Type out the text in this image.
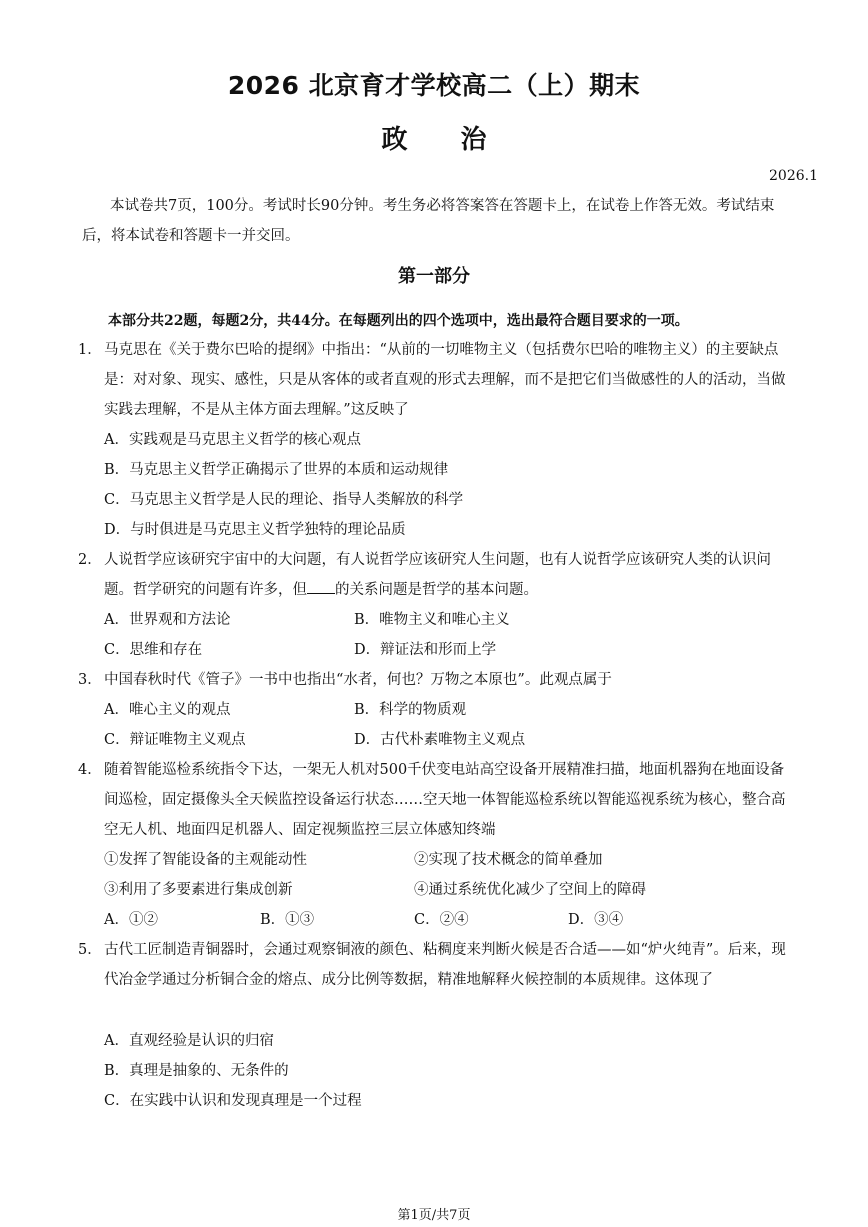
2026 北京育才学校高二（上）期末
政 治
2026.1
本试卷共7页，100分。考试时长90分钟。考生务必将答案答在答题卡上，在试卷上作答无效。考试结束后，将本试卷和答题卡一并交回。
第一部分
本部分共22题，每题2分，共44分。在每题列出的四个选项中，选出最符合题目要求的一项。
1． 马克思在《关于费尔巴哈的提纲》中指出：“从前的一切唯物主义（包括费尔巴哈的唯物主义）的主要缺点是：对对象、现实、感性，只是从客体的或者直观的形式去理解，而不是把它们当做感性的人的活动，当做实践去理解，不是从主体方面去理解。”这反映了
A．实践观是马克思主义哲学的核心观点
B．马克思主义哲学正确揭示了世界的本质和运动规律
C．马克思主义哲学是人民的理论、指导人类解放的科学
D．与时俱进是马克思主义哲学独特的理论品质
2． 人说哲学应该研究宇宙中的大问题，有人说哲学应该研究人生问题，也有人说哲学应该研究人类的认识问题。哲学研究的问题有许多，但 的关系问题是哲学的基本问题。
A．世界观和方法论	B．唯物主义和唯心主义
C．思维和存在	D．辩证法和形而上学
3． 中国春秋时代《管子》一书中也指出“水者，何也？万物之本原也”。此观点属于
A．唯心主义的观点	B．科学的物质观
C．辩证唯物主义观点	D．古代朴素唯物主义观点
4． 随着智能巡检系统指令下达，一架无人机对500千伏变电站高空设备开展精准扫描，地面机器狗在地面设备间巡检，固定摄像头全天候监控设备运行状态……空天地一体智能巡检系统以智能巡视系统为核心，整合高空无人机、地面四足机器人、固定视频监控三层立体感知终端
①发挥了智能设备的主观能动性	②实现了技术概念的简单叠加
③利用了多要素进行集成创新	④通过系统优化减少了空间上的障碍
A．①②	B．①③	C．②④	D．③④
5． 古代工匠制造青铜器时，会通过观察铜液的颜色、粘稠度来判断火候是否合适——如“炉火纯青”。后来，现代冶金学通过分析铜合金的熔点、成分比例等数据，精准地解释火候控制的本质规律。这体现了
A．直观经验是认识的归宿
B．真理是抽象的、无条件的
C．在实践中认识和发现真理是一个过程
第1页/共7页
